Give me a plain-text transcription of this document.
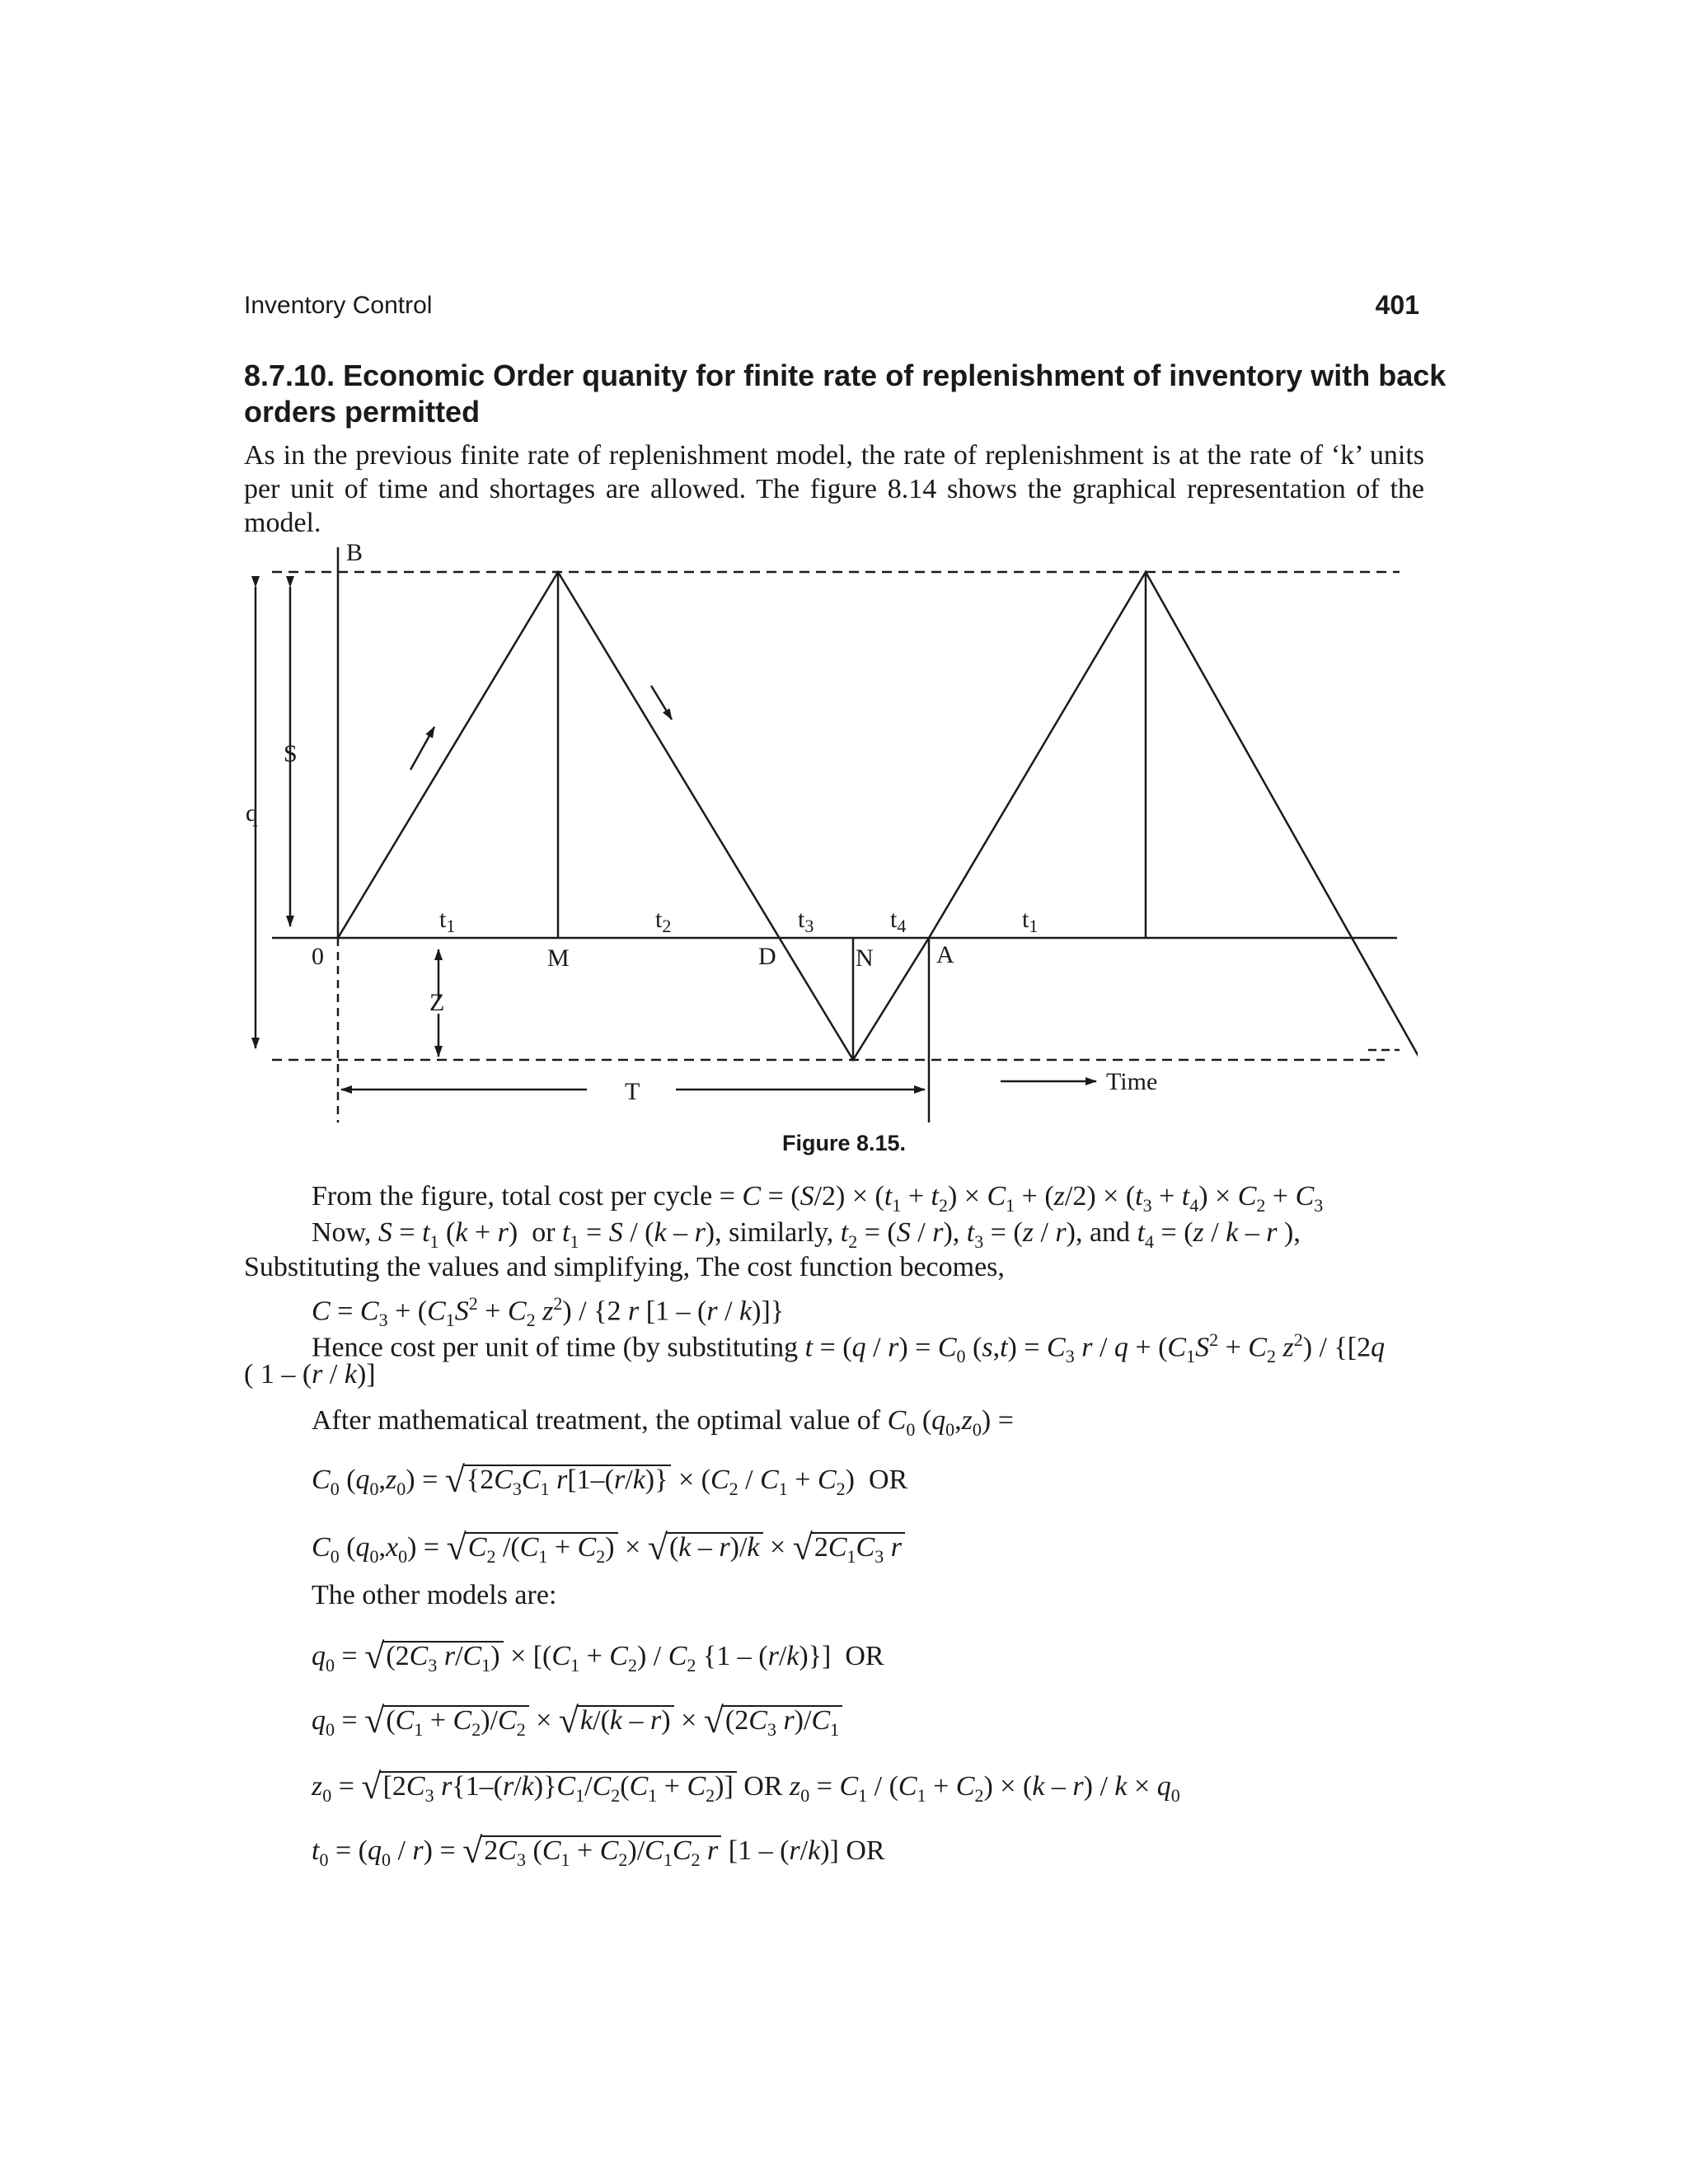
Inventory Control	401
8.7.10. Economic Order quanity for finite rate of replenishment of inventory with back orders permitted
As in the previous finite rate of replenishment model, the rate of replenishment is at the rate of ‘k’ units per unit of time and shortages are allowed. The figure 8.14 shows the graphical representation of the model.
B
S
q
0	M	D	N	A
Z
T	Time
$t_1$	$t_2$	$t_3$	$t_4$	$t_1$
Figure 8.15.
From the figure, total cost per cycle = $C = (S/2) \times (t_1 + t_2) \times C_1 + (z/2) \times (t_3 + t_4) \times C_2 + C_3$
Now, $S = t_1$ (k + r)  or $t_1 = S / (k - r)$, similarly, $t_2 = (S / r)$, $t_3 = (z / r)$, and $t_4 = (z / k - r$ ),
Substituting the values and simplifying, The cost function becomes,
$C = C_3 + (C_1S^2 + C_2$ $z^2) / \{2$ r [1 – (r / k)]}
Hence cost per unit of time (by substituting $t = (q / r) = C_0$ $(s,t) = C_3$ $r / q + (C_1S^2 + C_2$ $z^2) / \{[2q$
( 1 – (r / k)]
After mathematical treatment, the optimal value of $C_0$ $(q_0,z_0)$ =
$C_0$ $(q_0,z_0) = √\{2C_3C_1$ $r[1-(r/k)\} \times (C_2 / C_1 + C_2)$  OR
$C_0$ $(q_0,x_0) = √C_2$ $/(C_1 + C_2) \times √(k - r)/k \times √2C_1C_3$ r
The other models are:
$q_0 = √(2C_3$ $r/C_1) \times [(C_1 + C_2) / C_2$ {1 – (r/k)}]  OR
$q_0 = √(C_1 + C_2)/C_2 \times √k/(k - r) \times √(2C_3$ $r)/C_1$
$z_0 = √[2C_3$ $r\{1-(r/k)\}C_1/C_2(C_1 + C_2)$] OR $z_0 = C_1 / (C_1 + C_2) \times (k - r) / k \times q_0$
$t_0 = (q_0 / r) = √2C_3$ $(C_1 + C_2)/C_1C_2$ r [1 – (r/k)] OR
